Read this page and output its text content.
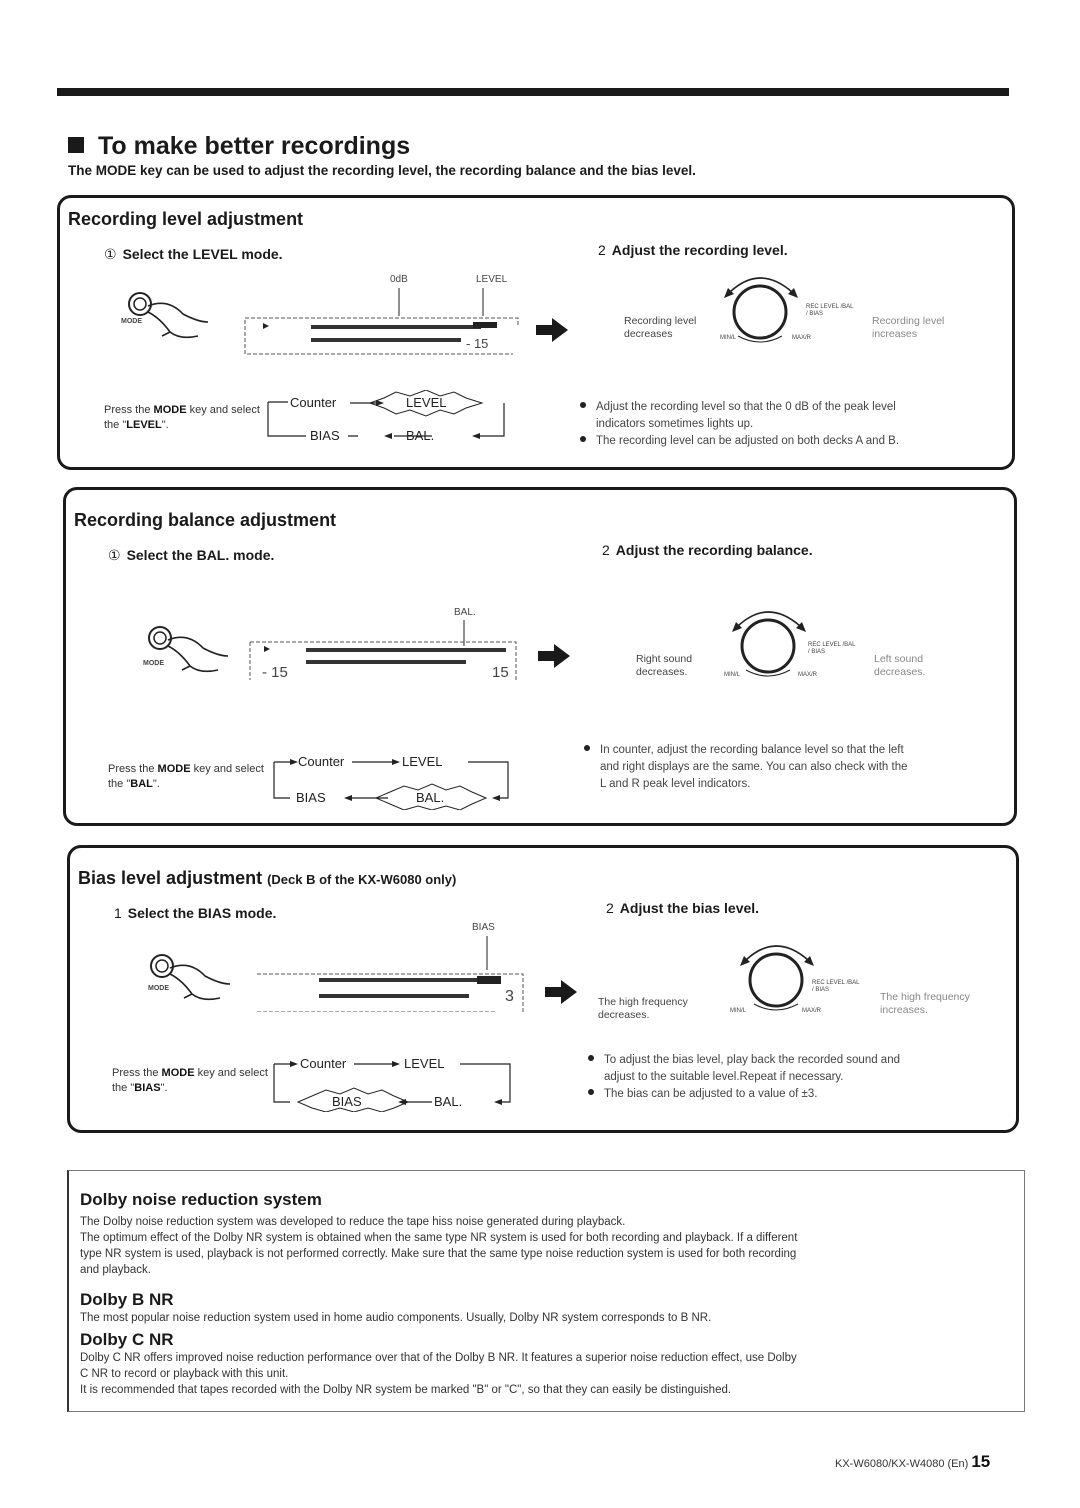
To make better recordings
The MODE key can be used to adjust the recording level, the recording balance and the bias level.
Recording level adjustment
① Select the LEVEL mode.
MODE
0dB	LEVEL
- 15
Press the MODE key and select the "LEVEL".
Counter	LEVEL
BAL.
BIAS
2 Adjust the recording level.
REC LEVEL /BAL
/ BIAS
MIN/L	MAX/R
Recording level
decreases
Recording level
increases
Adjust the recording level so that the 0 dB of the peak level
indicators sometimes lights up.
The recording level can be adjusted on both decks A and B.
Recording balance adjustment
① Select the BAL. mode.
MODE
BAL.
- 15	15
Press the MODE key and select the "BAL".
Counter	LEVEL
BAL.
BIAS
2 Adjust the recording balance.
REC LEVEL /BAL
/ BIAS
MIN/L	MAX/R
Right sound
decreases.
Left sound
decreases.
In counter, adjust the recording balance level so that the left
and right displays are the same. You can also check with the
L and R peak level indicators.
Bias level adjustment (Deck B of the KX-W6080 only)
1 Select the BIAS mode.
MODE
BIAS
3
Press the MODE key and select the "BIAS".
Counter	LEVEL
BAL.
BIAS
2 Adjust the bias level.
REC LEVEL /BAL
/ BIAS
MIN/L	MAX/R
The high frequency
decreases.
The high frequency
increases.
To adjust the bias level, play back the recorded sound and
adjust to the suitable level.Repeat if necessary.
The bias can be adjusted to a value of ±3.
Dolby noise reduction system
The Dolby noise reduction system was developed to reduce the tape hiss noise generated during playback.
The optimum effect of the Dolby NR system is obtained when the same type NR system is used for both recording and playback. If a different
type NR system is used, playback is not performed correctly. Make sure that the same type noise reduction system is used for both recording
and playback.
Dolby B NR
The most popular noise reduction system used in home audio components. Usually, Dolby NR system corresponds to B NR.
Dolby C NR
Dolby C NR offers improved noise reduction performance over that of the Dolby B NR. It features a superior noise reduction effect, use Dolby
C NR to record or playback with this unit.
It is recommended that tapes recorded with the Dolby NR system be marked "B" or "C", so that they can easily be distinguished.
KX-W6080/KX-W4080 (En) 15
